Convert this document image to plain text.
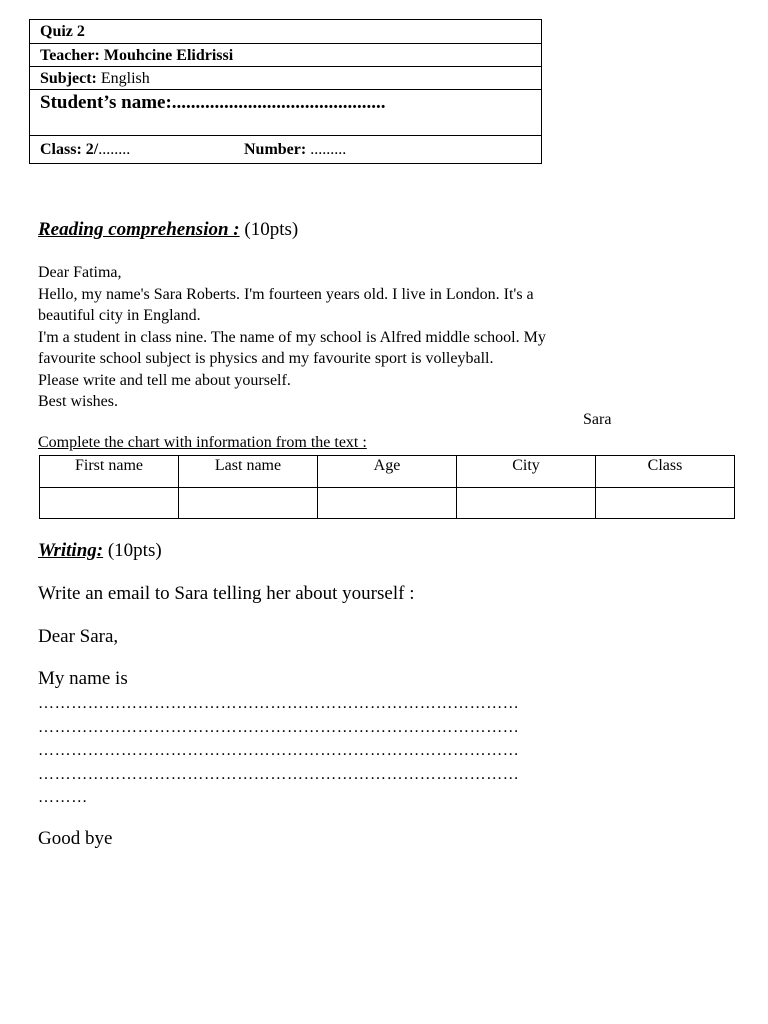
Quiz 2
Teacher: Mouhcine Elidrissi
Subject: English
Student’s name:.............................................
Class: 2/........	Number: .........
Reading comprehension : (10pts)
Dear Fatima,
Hello, my name's Sara Roberts. I'm fourteen years old. I live in London. It's a
beautiful city in England.
I'm a student in class nine. The name of my school is Alfred middle school. My
favourite school subject is physics and my favourite sport is volleyball.
Please write and tell me about yourself.
Best wishes.
Sara
Complete the chart with information from the text :
First name	Last name	Age	City	Class

Writing: (10pts)
Write an email to Sara telling her about yourself :
Dear Sara,
My name is
……………………………………………………………………………
……………………………………………………………………………
……………………………………………………………………………
……………………………………………………………………………
………
Good bye
